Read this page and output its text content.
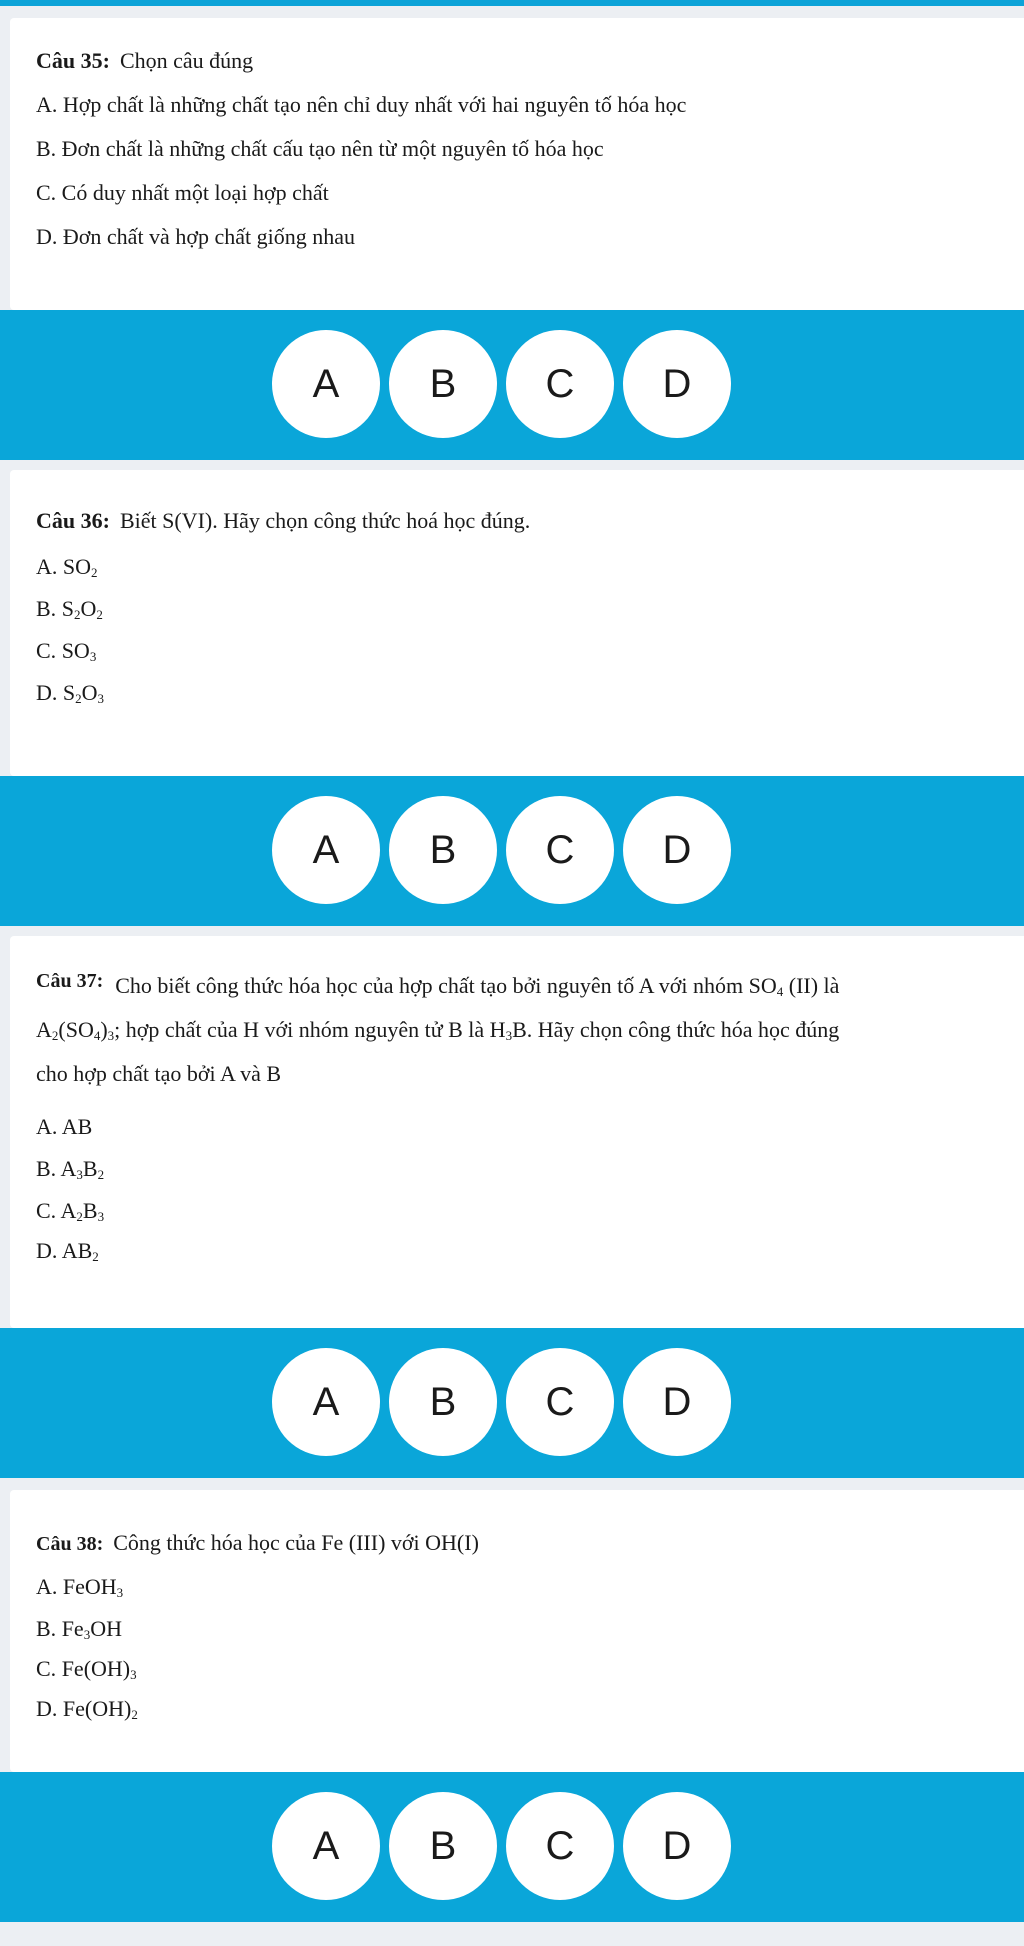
Câu 35: Chọn câu đúng
A. Hợp chất là những chất tạo nên chỉ duy nhất với hai nguyên tố hóa học
B. Đơn chất là những chất cấu tạo nên từ một nguyên tố hóa học
C. Có duy nhất một loại hợp chất
D. Đơn chất và hợp chất giống nhau
A	B	C	D
Câu 36: Biết S(VI). Hãy chọn công thức hoá học đúng.
A. $SO_2$
B. $S_2O_2$
C. $SO_3$
D. $S_2O_3$
A	B	C	D
Câu 37: Cho biết công thức hóa học của hợp chất tạo bởi nguyên tố A với nhóm $SO_4$ (II) là
$A_2(SO_4)_3$; hợp chất của H với nhóm nguyên tử B là $H_3B$. Hãy chọn công thức hóa học đúng
cho hợp chất tạo bởi A và B
A. AB
B. $A_3B_2$
C. $A_2B_3$
D. $AB_2$
A	B	C	D
Câu 38: Công thức hóa học của Fe (III) với OH(I)
A. FeOH$_3$
B. $Fe_3OH$
C. $Fe(OH)_3$
D. $Fe(OH)_2$
A	B	C	D
